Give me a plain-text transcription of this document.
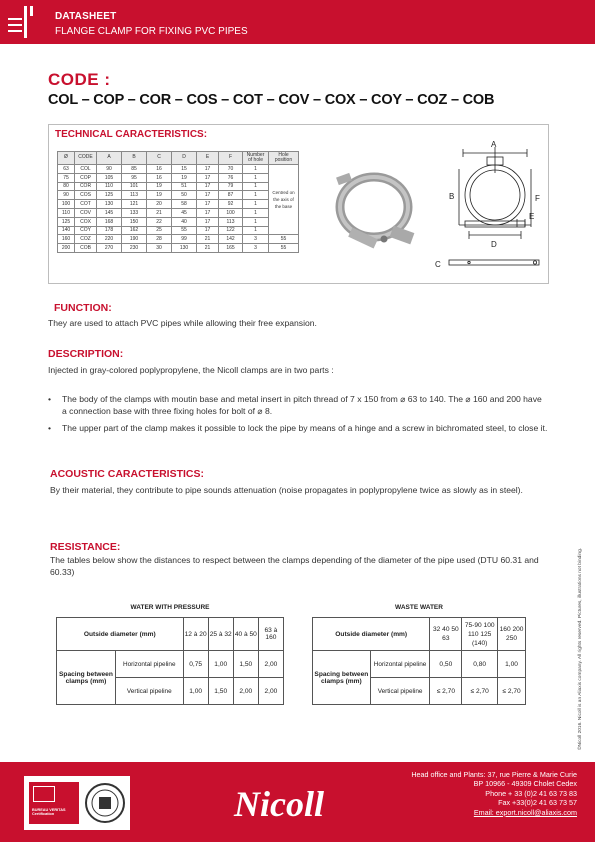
DATASHEET
FLANGE CLAMP FOR FIXING PVC PIPES
CODE :
COL – COP – COR – COS – COT – COV – COX – COY – COZ – COB
TECHNICAL CARACTERISTICS:
Ø	CODE	A	B	C	D	E	F	Number of hole	Hole position
63	COL	90	85	16	15	17	70	1	Centred on the axis of the base
75	COP	105	95	16	19	17	76	1	
80	COR	110	101	19	51	17	79	1	
90	COS	125	113	19	50	17	87	1	
100	COT	130	121	20	58	17	92	1	
110	COV	145	133	21	45	17	100	1	
125	COX	168	150	22	40	17	113	1	
140	COY	178	162	25	55	17	122	1	
160	COZ	220	190	28	99	21	142	3	55
200	COB	270	230	30	130	21	165	3	55
A
B
C
D
E
F
FUNCTION:
They are used to attach PVC pipes while allowing their free expansion.
DESCRIPTION:
Injected in gray-colored poplypropylene, the Nicoll clamps are in two parts :
• The body of the clamps with moutin base and metal insert in pitch thread of 7 x 150 from ⌀ 63 to 140. The ⌀ 160 and 200 have a connection base with three fixing holes for bolt of ⌀ 8.
• The upper part of the clamp makes it possible to lock the pipe by means of a hinge and a screw in bichromated steel, to close it.
ACOUSTIC CARACTERISTICS:
By their material, they contribute to pipe sounds attenuation (noise propagates in poplypropylene twice as slowly as in steel).
RESISTANCE:
The tables below show the distances to respect between the clamps depending of the diameter of the pipe used (DTU 60.31 and 60.33)
WATER WITH PRESSURE
Outside diameter (mm)		12 à 20	25 à 32	40 à 50	63 à 160
Spacing between clamps (mm)	Horizontal pipeline	0,75	1,00	1,50	2,00
	Vertical pipeline	1,00	1,50	2,00	2,00
WASTE WATER
Outside diameter (mm)		32 40 50 63	75-90 100 110 125 (140)	160 200 250
Spacing between clamps (mm)	Horizontal pipeline	0,50	0,80	1,00
	Vertical pipeline	≤ 2,70	≤ 2,70	≤ 2,70	©Nicoll 2016. Nicoll is an Aliaxis company. All rights reserved. Pictures, illustrations not binding.
BUREAU VERITAS Certification	Nicoll
Head office and Plants: 37, rue Pierre & Marie Curie
BP 10966 - 49309 Cholet Cedex
Phone + 33 (0)2 41 63 73 83
Fax +33(0)2 41 63 73 57
Email: export.nicoll@aliaxis.com
